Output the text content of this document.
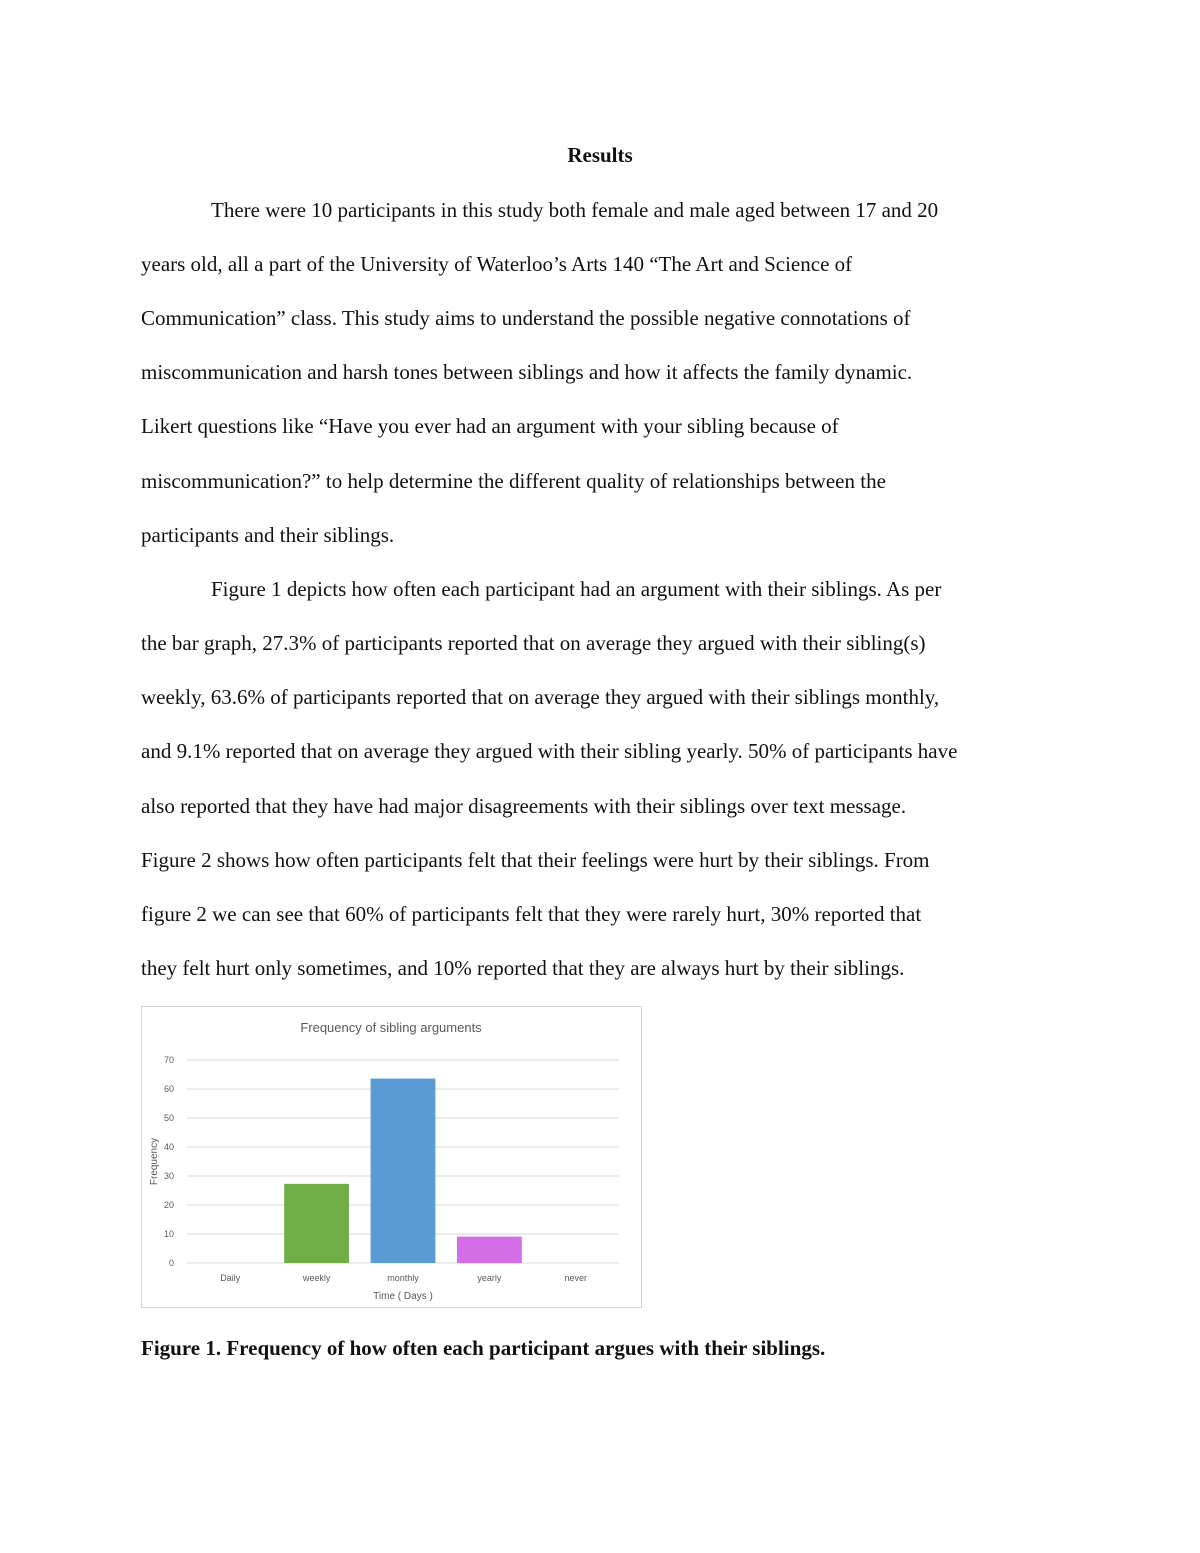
Results
There were 10 participants in this study both female and male aged between 17 and 20
years old, all a part of the University of Waterloo’s Arts 140 “The Art and Science of
Communication” class. This study aims to understand the possible negative connotations of
miscommunication and harsh tones between siblings and how it affects the family dynamic.
Likert questions like “Have you ever had an argument with your sibling because of
miscommunication?” to help determine the different quality of relationships between the
participants and their siblings.
Figure 1 depicts how often each participant had an argument with their siblings. As per
the bar graph, 27.3% of participants reported that on average they argued with their sibling(s)
weekly, 63.6% of participants reported that on average they argued with their siblings monthly,
and 9.1% reported that on average they argued with their sibling yearly. 50% of participants have
also reported that they have had major disagreements with their siblings over text message.
Figure 2 shows how often participants felt that their feelings were hurt by their siblings. From
figure 2 we can see that 60% of participants felt that they were rarely hurt, 30% reported that
they felt hurt only sometimes, and 10% reported that they are always hurt by their siblings.
Frequency of sibling arguments
0
10
20
30
40
50
60
70
Daily	weekly	monthly	yearly	never
Time ( Days )
Frequency
Figure 1. Frequency of how often each participant argues with their siblings.
